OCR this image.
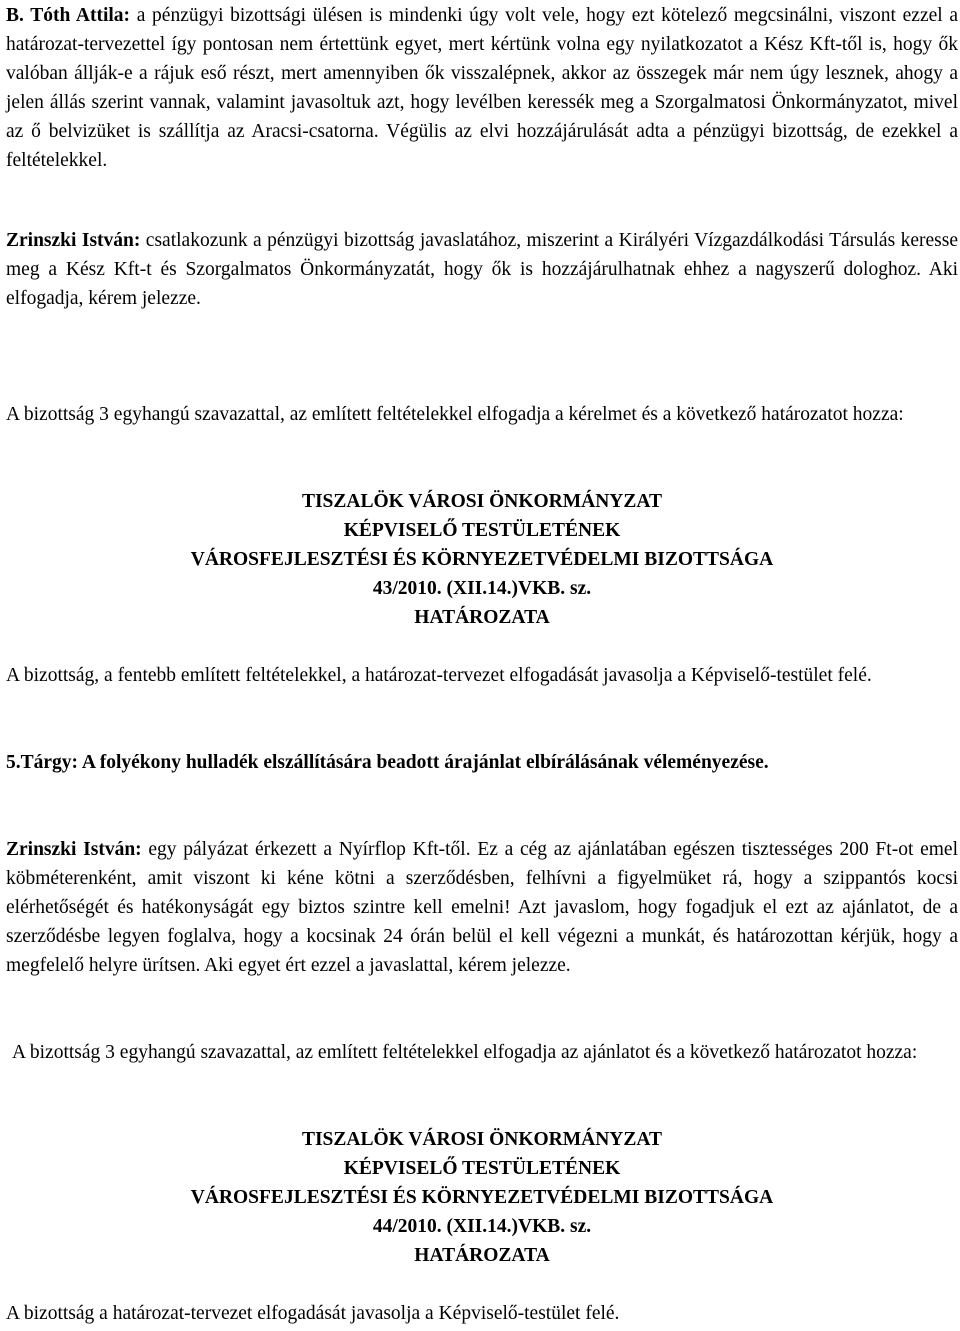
B. Tóth Attila: a pénzügyi bizottsági ülésen is mindenki úgy volt vele, hogy ezt kötelező megcsinálni, viszont ezzel a határozat-tervezettel így pontosan nem értettünk egyet, mert kértünk volna egy nyilatkozatot a Kész Kft-től is, hogy ők valóban állják-e a rájuk eső részt, mert amennyiben ők visszalépnek, akkor az összegek már nem úgy lesznek, ahogy a jelen állás szerint vannak, valamint javasoltuk azt, hogy levélben keressék meg a Szorgalmatosi Önkormányzatot, mivel az ő belvizüket is szállítja az Aracsi-csatorna. Végülis az elvi hozzájárulását adta a pénzügyi bizottság, de ezekkel a feltételekkel.

Zrinszki István: csatlakozunk a pénzügyi bizottság javaslatához, miszerint a Királyéri Vízgazdálkodási Társulás keresse meg a Kész Kft-t és Szorgalmatos Önkormányzatát, hogy ők is hozzájárulhatnak ehhez a nagyszerű dologhoz. Aki elfogadja, kérem jelezze.

A bizottság 3 egyhangú szavazattal, az említett feltételekkel elfogadja a kérelmet és a következő határozatot hozza:

TISZALÖK VÁROSI ÖNKORMÁNYZAT
KÉPVISELŐ TESTÜLETÉNEK
VÁROSFEJLESZTÉSI ÉS KÖRNYEZETVÉDELMI BIZOTTSÁGA
43/2010. (XII.14.)VKB. sz.
HATÁROZATA

A bizottság, a fentebb említett feltételekkel, a határozat-tervezet elfogadását javasolja a Képviselő-testület felé.

5.Tárgy: A folyékony hulladék elszállítására beadott árajánlat elbírálásának véleményezése.

Zrinszki István: egy pályázat érkezett a Nyírflop Kft-től. Ez a cég az ajánlatában egészen tisztességes 200 Ft-ot emel köbméterenként, amit viszont ki kéne kötni a szerződésben, felhívni a figyelmüket rá, hogy a szippantós kocsi elérhetőségét és hatékonyságát egy biztos szintre kell emelni! Azt javaslom, hogy fogadjuk el ezt az ajánlatot, de a szerződésbe legyen foglalva, hogy a kocsinak 24 órán belül el kell végezni a munkát, és határozottan kérjük, hogy a megfelelő helyre ürítsen. Aki egyet ért ezzel a javaslattal, kérem jelezze.

A bizottság 3 egyhangú szavazattal, az említett feltételekkel elfogadja az ajánlatot és a következő határozatot hozza:

TISZALÖK VÁROSI ÖNKORMÁNYZAT
KÉPVISELŐ TESTÜLETÉNEK
VÁROSFEJLESZTÉSI ÉS KÖRNYEZETVÉDELMI BIZOTTSÁGA
44/2010. (XII.14.)VKB. sz.
HATÁROZATA

A bizottság a határozat-tervezet elfogadását javasolja a Képviselő-testület felé.
